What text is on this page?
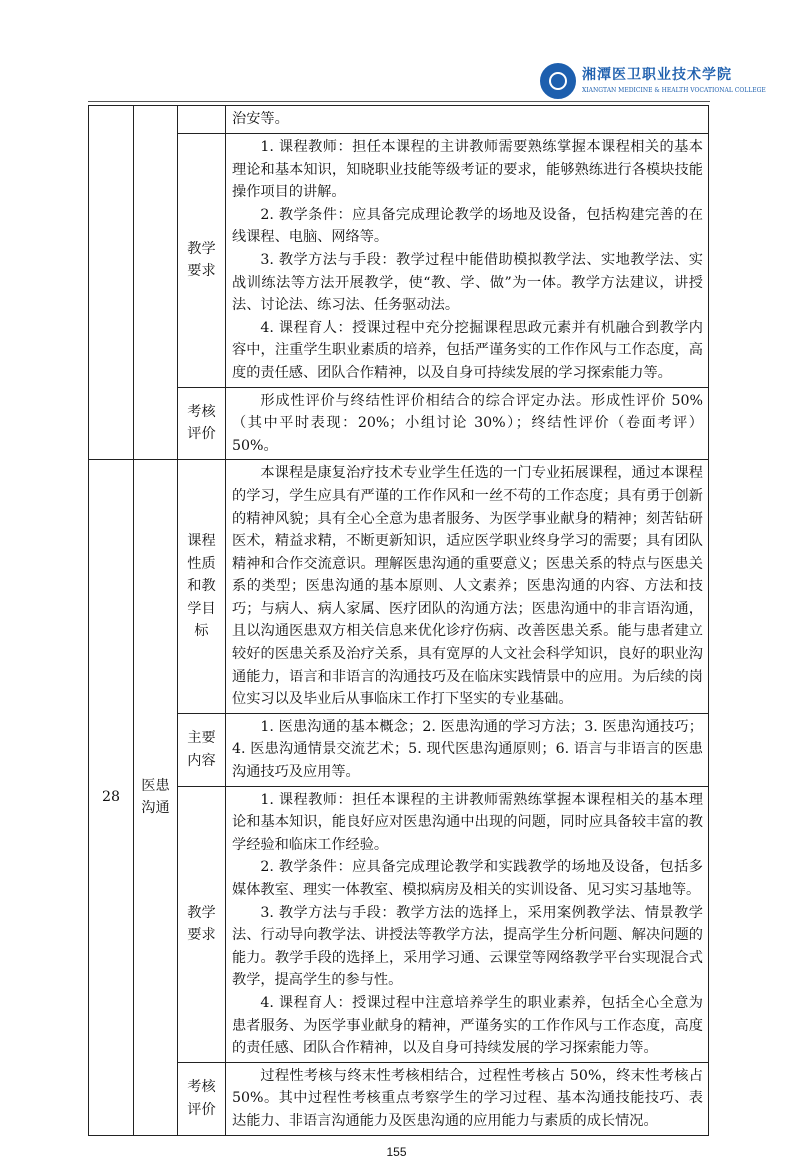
湘潭医卫职业技术学院
XIANGTAN MEDICINE & HEALTH VOCATIONAL COLLEGE

			治安等。

		教学要求	1. 课程教师：担任本课程的主讲教师需要熟练掌握本课程相关的基本理论和基本知识，知晓职业技能等级考证的要求，能够熟练进行各模块技能操作项目的讲解。

2. 教学条件：应具备完成理论教学的场地及设备，包括构建完善的在线课程、电脑、网络等。

3. 教学方法与手段：教学过程中能借助模拟教学法、实地教学法、实战训练法等方法开展教学，使“教、学、做”为一体。教学方法建议，讲授法、讨论法、练习法、任务驱动法。

4. 课程育人：授课过程中充分挖掘课程思政元素并有机融合到教学内容中，注重学生职业素质的培养，包括严谨务实的工作作风与工作态度，高度的责任感、团队合作精神，以及自身可持续发展的学习探索能力等。

		考核评价	形成性评价与终结性评价相结合的综合评定办法。形成性评价 50%（其中平时表现：20%；小组讨论 30%）；终结性评价（卷面考评）50%。

28	医患沟通	课程性质和教学目标	本课程是康复治疗技术专业学生任选的一门专业拓展课程，通过本课程的学习，学生应具有严谨的工作作风和一丝不苟的工作态度；具有勇于创新的精神风貌；具有全心全意为患者服务、为医学事业献身的精神；刻苦钻研医术，精益求精，不断更新知识，适应医学职业终身学习的需要；具有团队精神和合作交流意识。理解医患沟通的重要意义；医患关系的特点与医患关系的类型；医患沟通的基本原则、人文素养；医患沟通的内容、方法和技巧；与病人、病人家属、医疗团队的沟通方法；医患沟通中的非言语沟通，且以沟通医患双方相关信息来优化诊疗伤病、改善医患关系。能与患者建立较好的医患关系及治疗关系，具有宽厚的人文社会科学知识，良好的职业沟通能力，语言和非语言的沟通技巧及在临床实践情景中的应用。为后续的岗位实习以及毕业后从事临床工作打下坚实的专业基础。

		主要内容	1. 医患沟通的基本概念；2. 医患沟通的学习方法；3. 医患沟通技巧；4. 医患沟通情景交流艺术；5. 现代医患沟通原则；6. 语言与非语言的医患沟通技巧及应用等。

		教学要求	1. 课程教师：担任本课程的主讲教师需熟练掌握本课程相关的基本理论和基本知识，能良好应对医患沟通中出现的问题，同时应具备较丰富的教学经验和临床工作经验。

2. 教学条件：应具备完成理论教学和实践教学的场地及设备，包括多媒体教室、理实一体教室、模拟病房及相关的实训设备、见习实习基地等。

3. 教学方法与手段：教学方法的选择上，采用案例教学法、情景教学法、行动导向教学法、讲授法等教学方法，提高学生分析问题、解决问题的能力。教学手段的选择上，采用学习通、云课堂等网络教学平台实现混合式教学，提高学生的参与性。

4. 课程育人：授课过程中注意培养学生的职业素养，包括全心全意为患者服务、为医学事业献身的精神，严谨务实的工作作风与工作态度，高度的责任感、团队合作精神，以及自身可持续发展的学习探索能力等。

		考核评价	过程性考核与终末性考核相结合，过程性考核占 50%，终末性考核占 50%。其中过程性考核重点考察学生的学习过程、基本沟通技能技巧、表达能力、非语言沟通能力及医患沟通的应用能力与素质的成长情况。

155
